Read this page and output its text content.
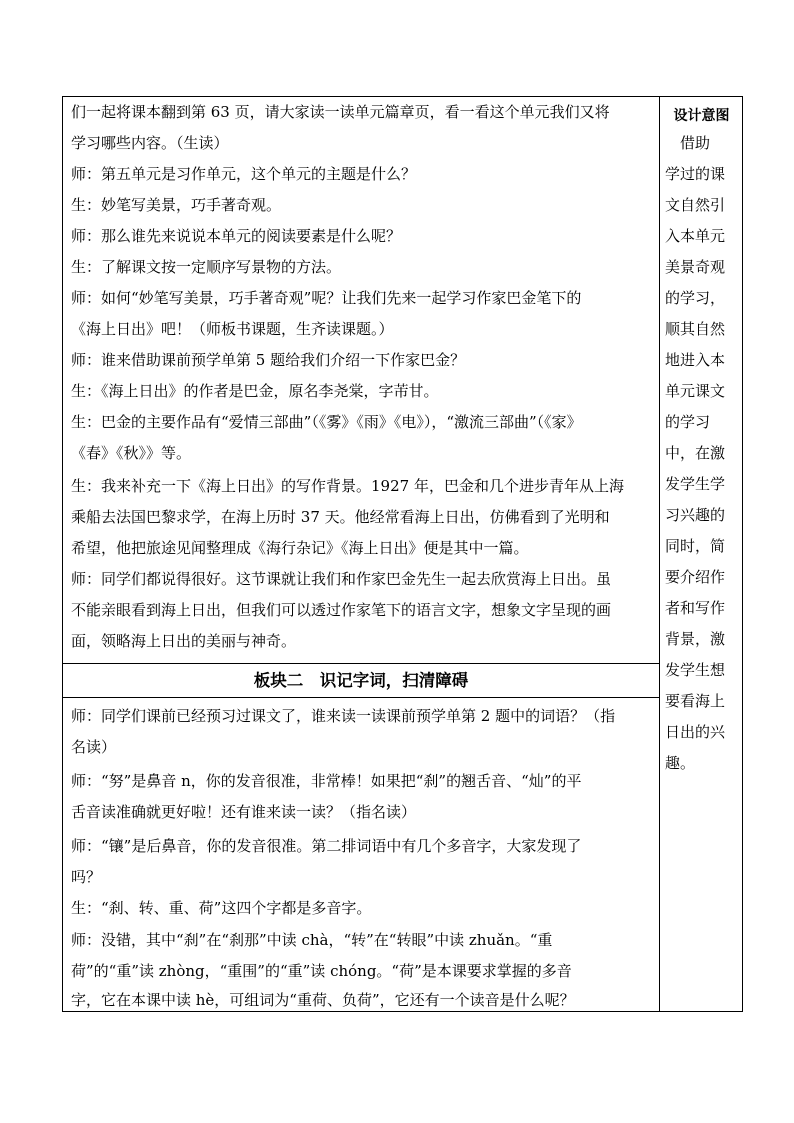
们一起将课本翻到第 63 页，请大家读一读单元篇章页，看一看这个单元我们又将
学习哪些内容。（生读）
师：第五单元是习作单元，这个单元的主题是什么？
生：妙笔写美景，巧手著奇观。
师：那么谁先来说说本单元的阅读要素是什么呢？
生：了解课文按一定顺序写景物的方法。
师：如何“妙笔写美景，巧手著奇观”呢？让我们先来一起学习作家巴金笔下的
《海上日出》吧！（师板书课题，生齐读课题。）
师：谁来借助课前预学单第 5 题给我们介绍一下作家巴金？
生：《海上日出》的作者是巴金，原名李尧棠，字芾甘。
生：巴金的主要作品有“爱情三部曲”（《雾》《雨》《电》），“激流三部曲”（《家》
《春》《秋》》等。
生：我来补充一下《海上日出》的写作背景。1927 年，巴金和几个进步青年从上海
乘船去法国巴黎求学，在海上历时 37 天。他经常看海上日出，仿佛看到了光明和
希望，他把旅途见闻整理成《海行杂记》《海上日出》便是其中一篇。
师：同学们都说得很好。这节课就让我们和作家巴金先生一起去欣赏海上日出。虽
不能亲眼看到海上日出，但我们可以透过作家笔下的语言文字，想象文字呈现的画
面，领略海上日出的美丽与神奇。
板块二　识记字词，扫清障碍
师：同学们课前已经预习过课文了，谁来读一读课前预学单第 2 题中的词语？（指
名读）
师：“努”是鼻音 n，你的发音很准，非常棒！如果把“刹”的翘舌音、“灿”的平
舌音读准确就更好啦！还有谁来读一读？（指名读）
师：“镶”是后鼻音，你的发音很准。第二排词语中有几个多音字，大家发现了
吗？
生：“刹、转、重、荷”这四个字都是多音字。
师：没错，其中“刹”在“刹那”中读 chà，“转”在“转眼”中读 zhuǎn。“重
荷”的“重”读 zhòng，“重围”的“重”读 chóng。“荷”是本课要求掌握的多音
字，它在本课中读 hè，可组词为“重荷、负荷”，它还有一个读音是什么呢？
设计意图
　借助
学过的课
文自然引
入本单元
美景奇观
的学习，
顺其自然
地进入本
单元课文
的学习
中，在激
发学生学
习兴趣的
同时，简
要介绍作
者和写作
背景，激
发学生想
要看海上
日出的兴
趣。
